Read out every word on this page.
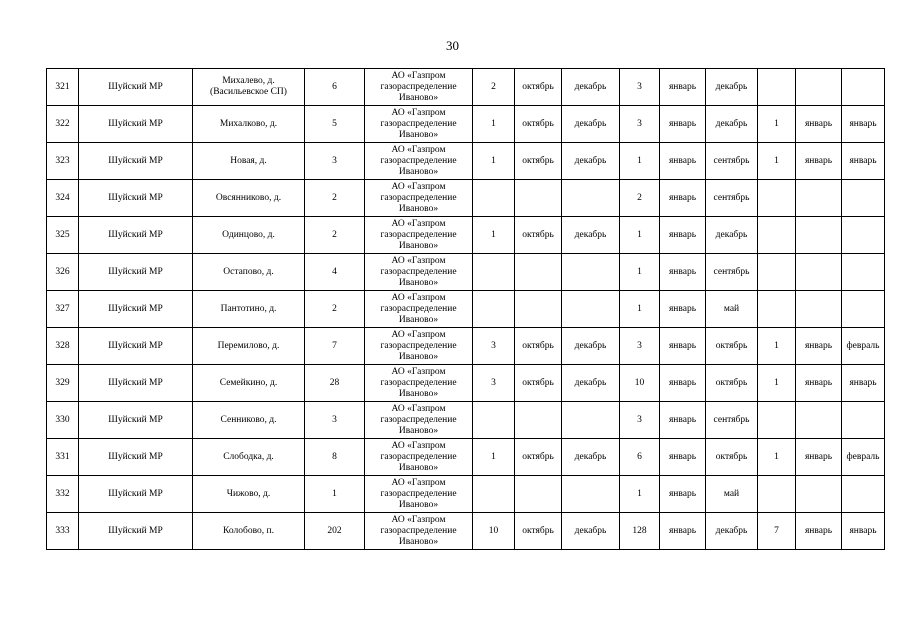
30
321	Шуйский МР	Михалево, д. (Васильевское СП)	6	АО «Газпром газораспределение Иваново»	2	октябрь	декабрь	3	январь	декабрь			
322	Шуйский МР	Михалково, д.	5	АО «Газпром газораспределение Иваново»	1	октябрь	декабрь	3	январь	декабрь	1	январь	январь
323	Шуйский МР	Новая, д.	3	АО «Газпром газораспределение Иваново»	1	октябрь	декабрь	1	январь	сентябрь	1	январь	январь
324	Шуйский МР	Овсянниково, д.	2	АО «Газпром газораспределение Иваново»				2	январь	сентябрь			
325	Шуйский МР	Одинцово, д.	2	АО «Газпром газораспределение Иваново»	1	октябрь	декабрь	1	январь	декабрь			
326	Шуйский МР	Остапово, д.	4	АО «Газпром газораспределение Иваново»				1	январь	сентябрь			
327	Шуйский МР	Пантотино, д.	2	АО «Газпром газораспределение Иваново»				1	январь	май			
328	Шуйский МР	Перемилово, д.	7	АО «Газпром газораспределение Иваново»	3	октябрь	декабрь	3	январь	октябрь	1	январь	февраль
329	Шуйский МР	Семейкино, д.	28	АО «Газпром газораспределение Иваново»	3	октябрь	декабрь	10	январь	октябрь	1	январь	январь
330	Шуйский МР	Сенниково, д.	3	АО «Газпром газораспределение Иваново»				3	январь	сентябрь			
331	Шуйский МР	Слободка, д.	8	АО «Газпром газораспределение Иваново»	1	октябрь	декабрь	6	январь	октябрь	1	январь	февраль
332	Шуйский МР	Чижово, д.	1	АО «Газпром газораспределение Иваново»				1	январь	май			
333	Шуйский МР	Колобово, п.	202	АО «Газпром газораспределение Иваново»	10	октябрь	декабрь	128	январь	декабрь	7	январь	январь
